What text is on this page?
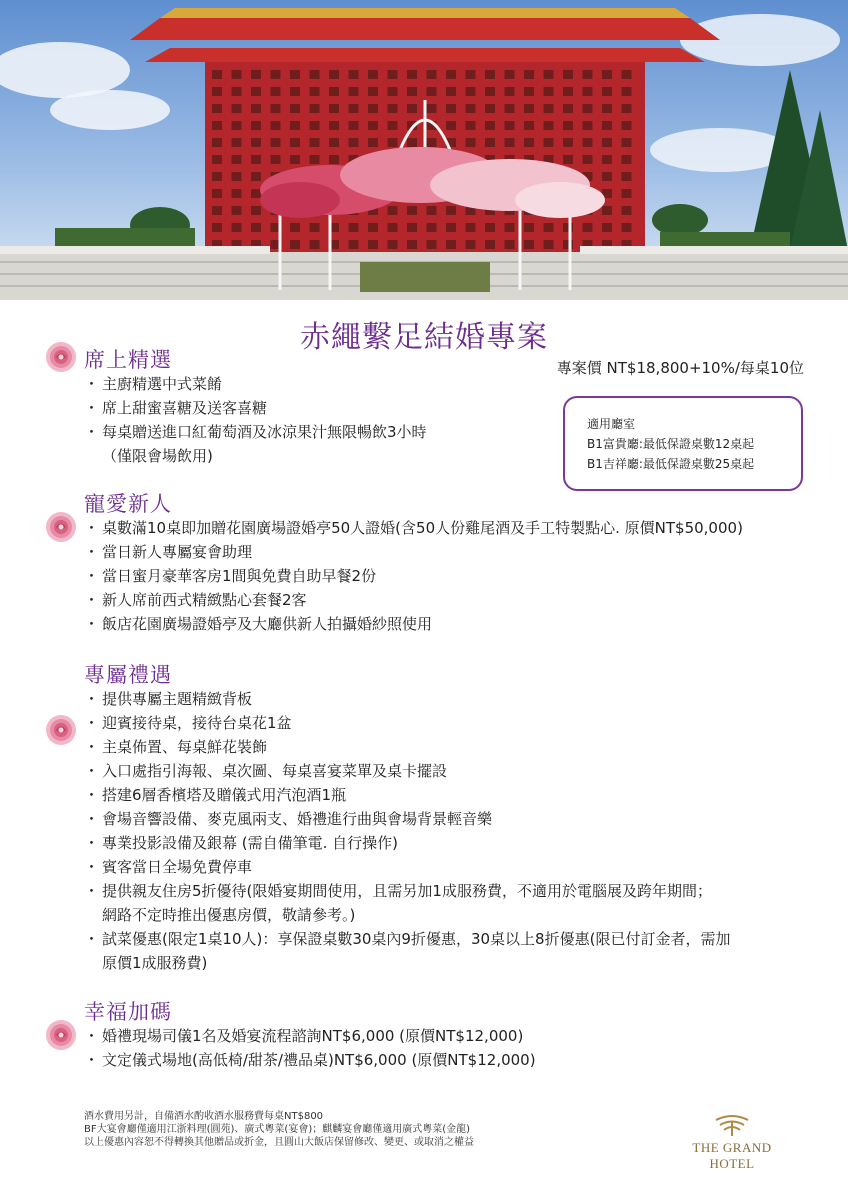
赤繩繫足結婚專案
專案價 NT$18,800+10%/每桌10位
適用廳室
B1富貴廳:最低保證桌數12桌起
B1吉祥廳:最低保證桌數25桌起
席上精選
・ 主廚精選中式菜餚
・ 席上甜蜜喜糖及送客喜糖
・ 每桌贈送進口紅葡萄酒及冰涼果汁無限暢飲3小時
（僅限會場飲用)
寵愛新人
・ 桌數滿10桌即加贈花園廣場證婚亭50人證婚(含50人份雞尾酒及手工特製點心. 原價NT$50,000)
・ 當日新人專屬宴會助理
・ 當日蜜月豪華客房1間與免費自助早餐2份
・ 新人席前西式精緻點心套餐2客
・ 飯店花園廣場證婚亭及大廳供新人拍攝婚紗照使用
專屬禮遇
・ 提供專屬主題精緻背板
・ 迎賓接待桌，接待台桌花1盆
・ 主桌佈置、每桌鮮花裝飾
・ 入口處指引海報、桌次圖、每桌喜宴菜單及桌卡擺設
・ 搭建6層香檳塔及贈儀式用汽泡酒1瓶
・ 會場音響設備、麥克風兩支、婚禮進行曲與會場背景輕音樂
・ 專業投影設備及銀幕 (需自備筆電. 自行操作)
・ 賓客當日全場免費停車
・ 提供親友住房5折優待(限婚宴期間使用，且需另加1成服務費，不適用於電腦展及跨年期間；
網路不定時推出優惠房價，敬請參考。)
・ 試菜優惠(限定1桌10人)：享保證桌數30桌內9折優惠，30桌以上8折優惠(限已付訂金者，需加
原價1成服務費)
幸福加碼
・ 婚禮現場司儀1名及婚宴流程諮詢NT$6,000 (原價NT$12,000)
・ 文定儀式場地(高低椅/甜茶/禮品桌)NT$6,000 (原價NT$12,000)
酒水費用另計，自備酒水酌收酒水服務費每桌NT$800
BF大宴會廳僅適用江浙料理(圓苑)、廣式粵菜(宴會)；麒麟宴會廳僅適用廣式粵菜(金龍)
以上優惠內容恕不得轉換其他贈品或折金，且圓山大飯店保留修改、變更、或取消之權益	THE GRAND HOTEL
